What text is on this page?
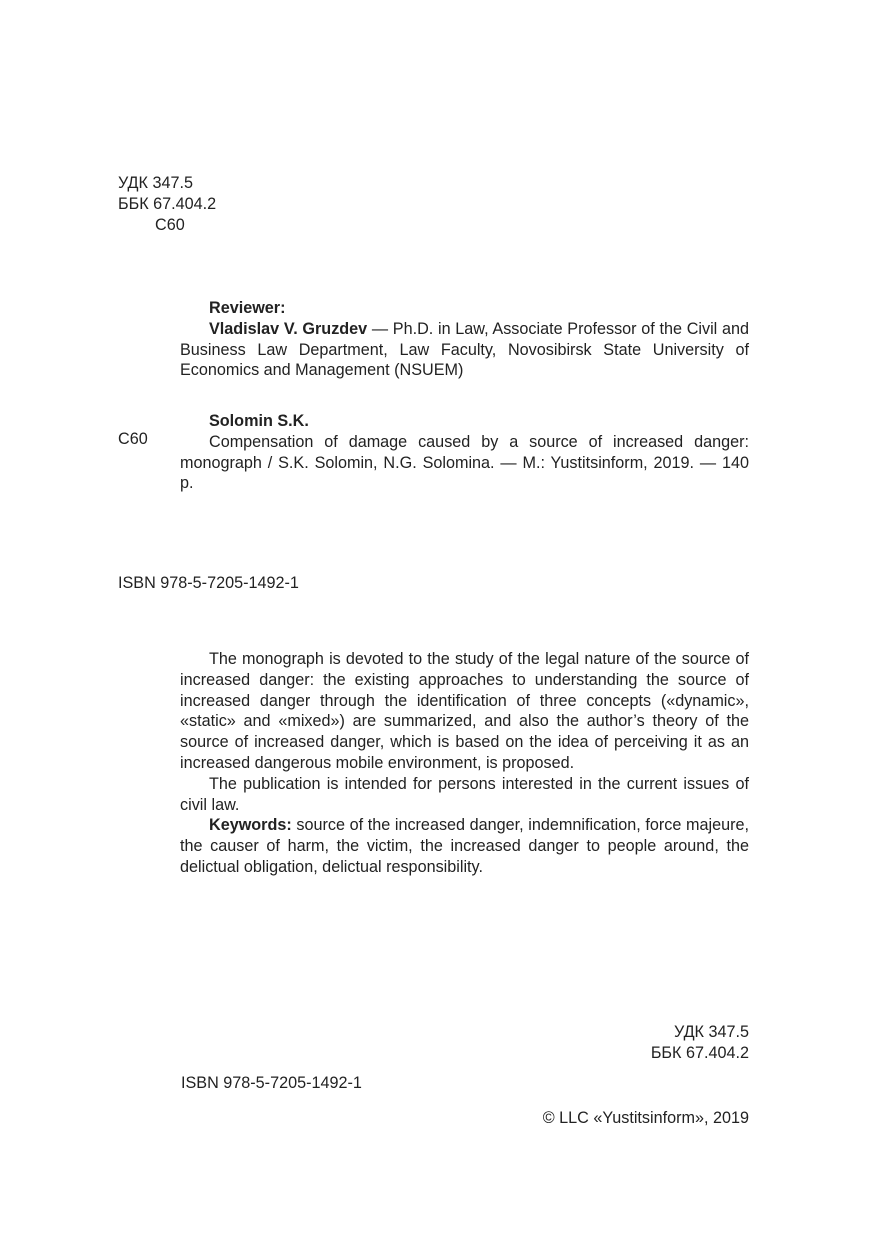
УДК 347.5
ББК 67.404.2
С60

Reviewer:

Vladislav V. Gruzdev — Ph.D. in Law, Associate Professor of the Civil and Business Law Department, Law Faculty, Novosibirsk State University of Economics and Management (NSUEM)

С60

Solomin S.K.

Compensation of damage caused by a source of increased danger: monograph / S.K. Solomin, N.G. Solomina. — M.: Yustitsinform, 2019. — 140 p.

ISBN 978-5-7205-1492-1

The monograph is devoted to the study of the legal nature of the source of increased danger: the existing approaches to understanding the source of increased danger through the identification of three concepts («dynamic», «static» and «mixed») are summarized, and also the author’s theory of the source of increased danger, which is based on the idea of perceiving it as an increased dangerous mobile environment, is proposed.

The publication is intended for persons interested in the current issues of civil law.

Keywords: source of the increased danger, indemnification, force majeure, the causer of harm, the victim, the increased danger to people around, the delictual obligation, delictual responsibility.

УДК 347.5
ББК 67.404.2
ISBN 978-5-7205-1492-1
© LLC «Yustitsinform», 2019
